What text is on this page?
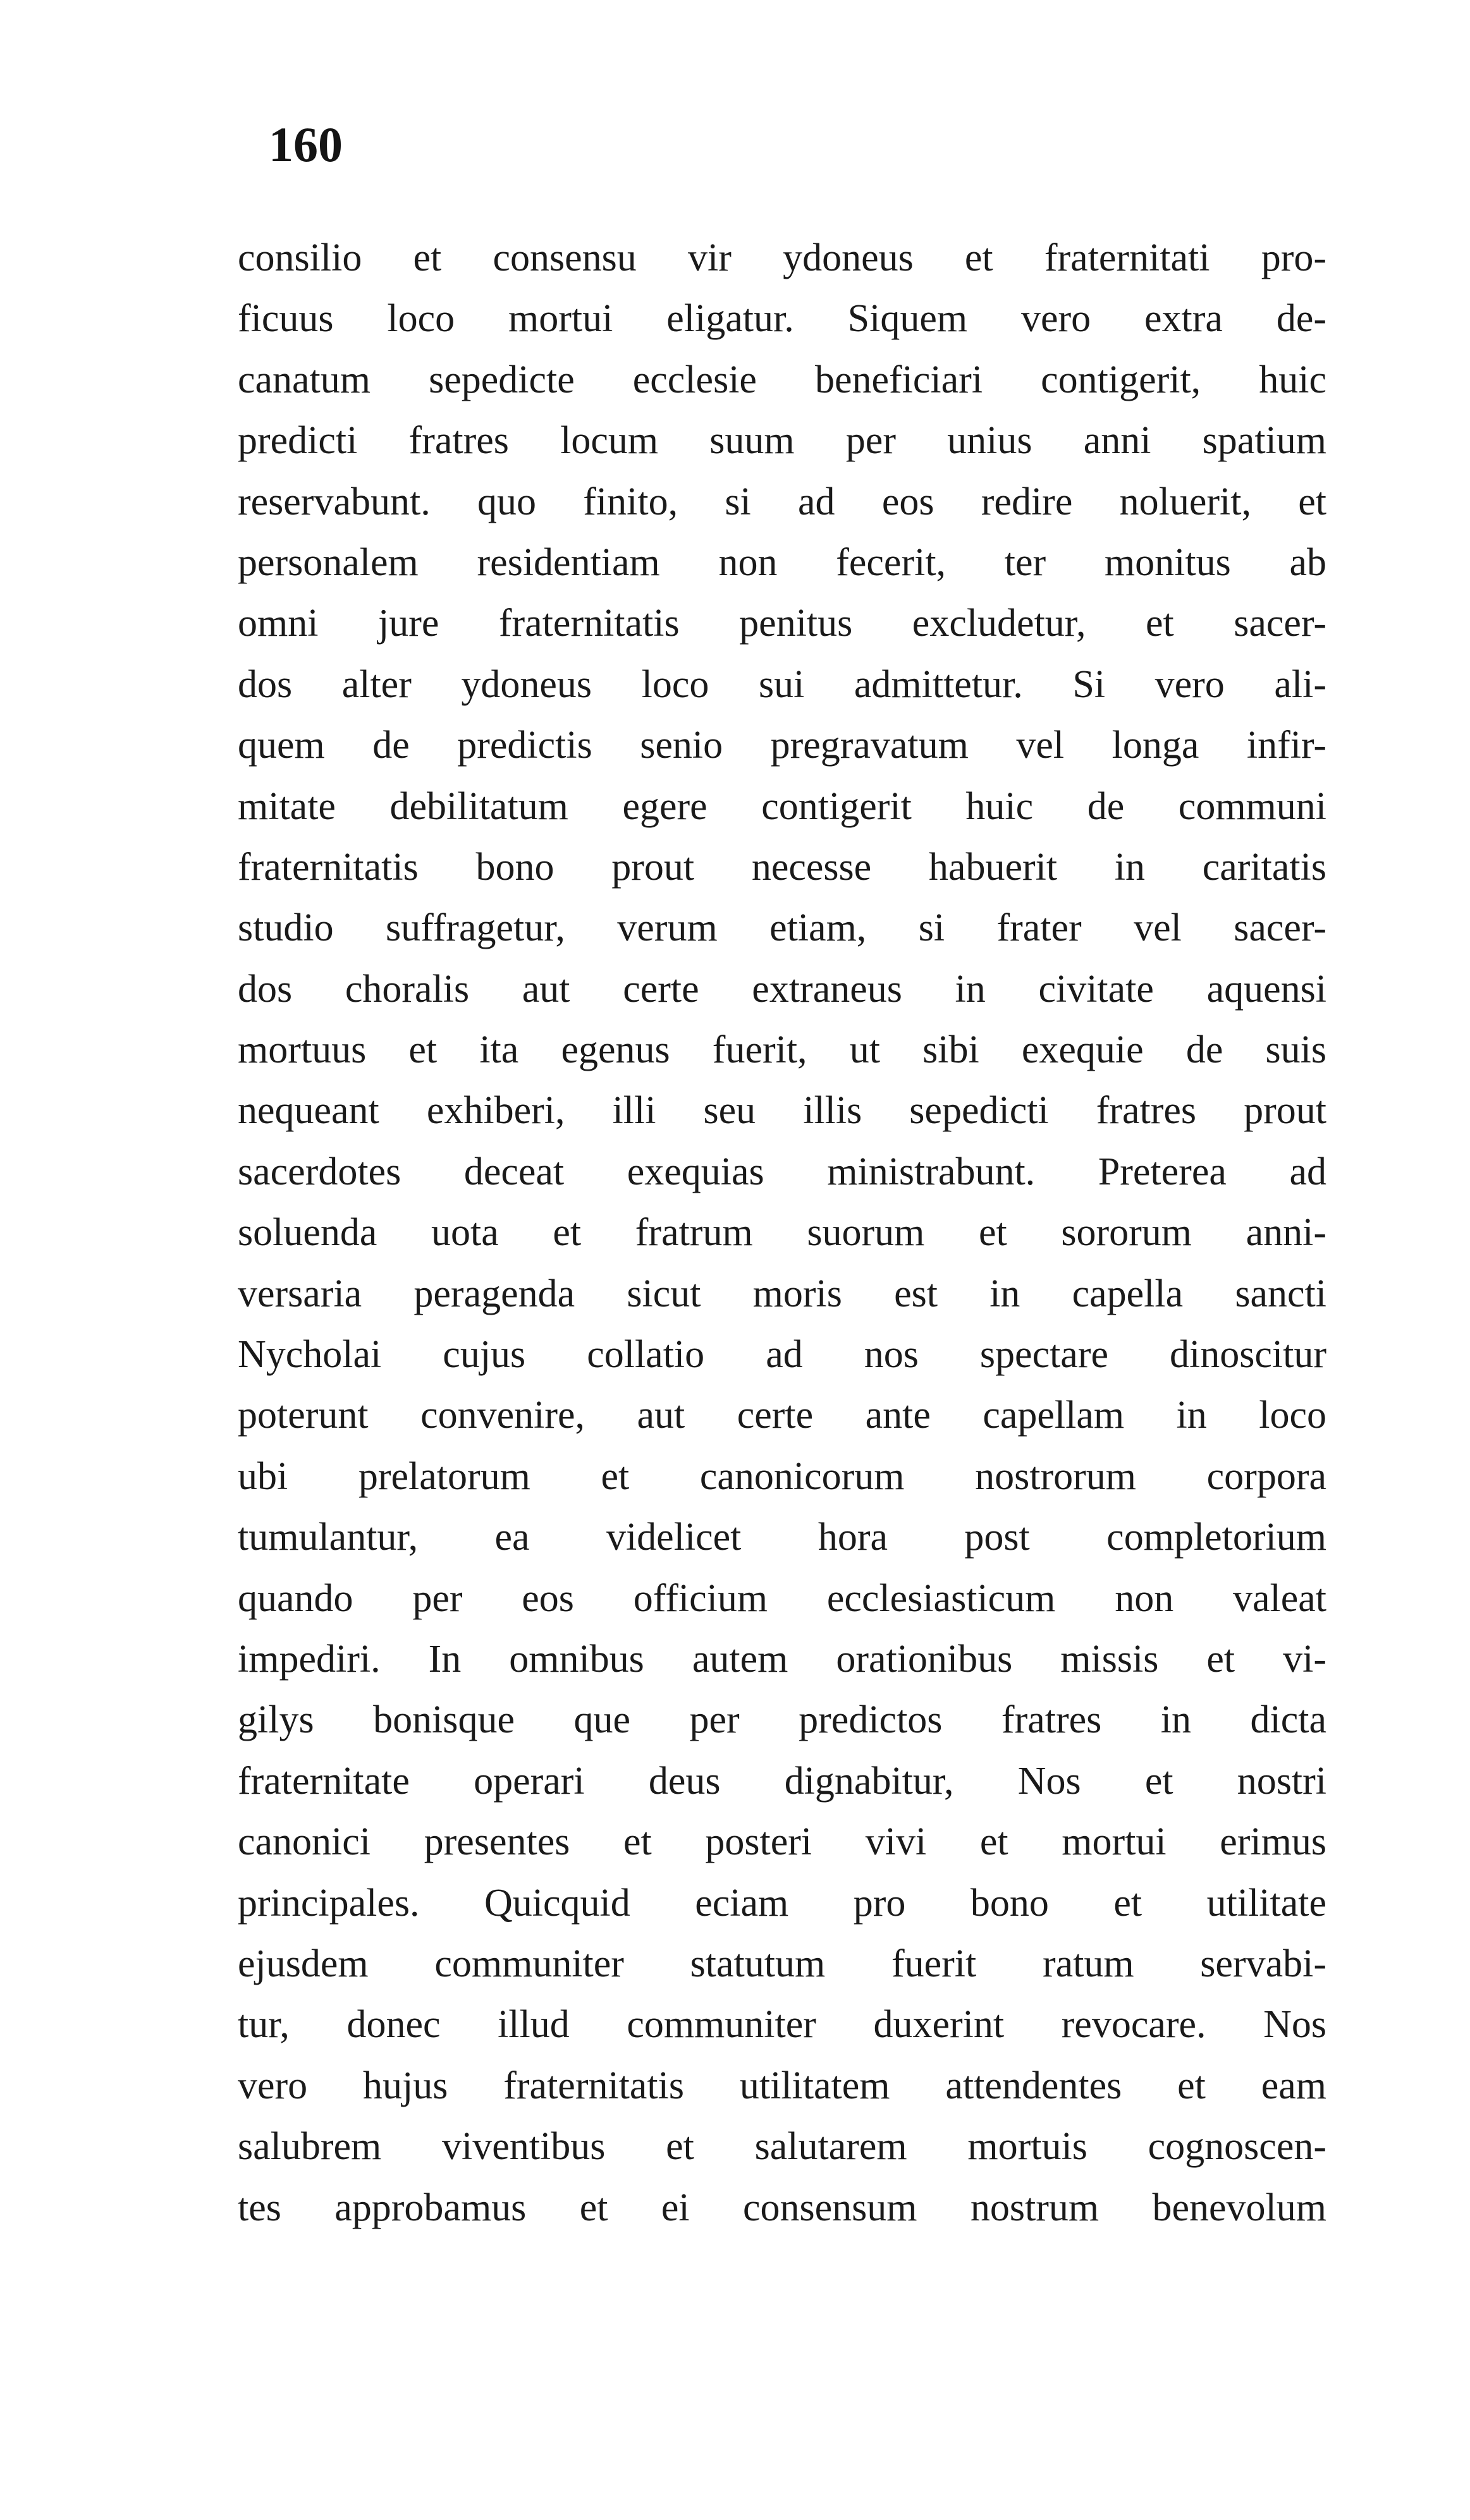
160
consilio et consensu vir ydoneus et fraternitati pro-
ficuus loco mortui eligatur. Siquem vero extra de-
canatum sepedicte ecclesie beneficiari contigerit, huic
predicti fratres locum suum per unius anni spatium
reservabunt. quo finito, si ad eos redire noluerit, et
personalem residentiam non fecerit, ter monitus ab
omni jure fraternitatis penitus excludetur, et sacer-
dos alter ydoneus loco sui admittetur. Si vero ali-
quem de predictis senio pregravatum vel longa infir-
mitate debilitatum egere contigerit huic de communi
fraternitatis bono prout necesse habuerit in caritatis
studio suffragetur, verum etiam, si frater vel sacer-
dos choralis aut certe extraneus in civitate aquensi
mortuus et ita egenus fuerit, ut sibi exequie de suis
nequeant exhiberi, illi seu illis sepedicti fratres prout
sacerdotes deceat exequias ministrabunt. Preterea ad
soluenda uota et fratrum suorum et sororum anni-
versaria peragenda sicut moris est in capella sancti
Nycholai cujus collatio ad nos spectare dinoscitur
poterunt convenire, aut certe ante capellam in loco
ubi prelatorum et canonicorum nostrorum corpora
tumulantur, ea videlicet hora post completorium
quando per eos officium ecclesiasticum non valeat
impediri. In omnibus autem orationibus missis et vi-
gilys bonisque que per predictos fratres in dicta
fraternitate operari deus dignabitur, Nos et nostri
canonici presentes et posteri vivi et mortui erimus
principales. Quicquid eciam pro bono et utilitate
ejusdem communiter statutum fuerit ratum servabi-
tur, donec illud communiter duxerint revocare. Nos
vero hujus fraternitatis utilitatem attendentes et eam
salubrem viventibus et salutarem mortuis cognoscen-
tes approbamus et ei consensum nostrum benevolum
